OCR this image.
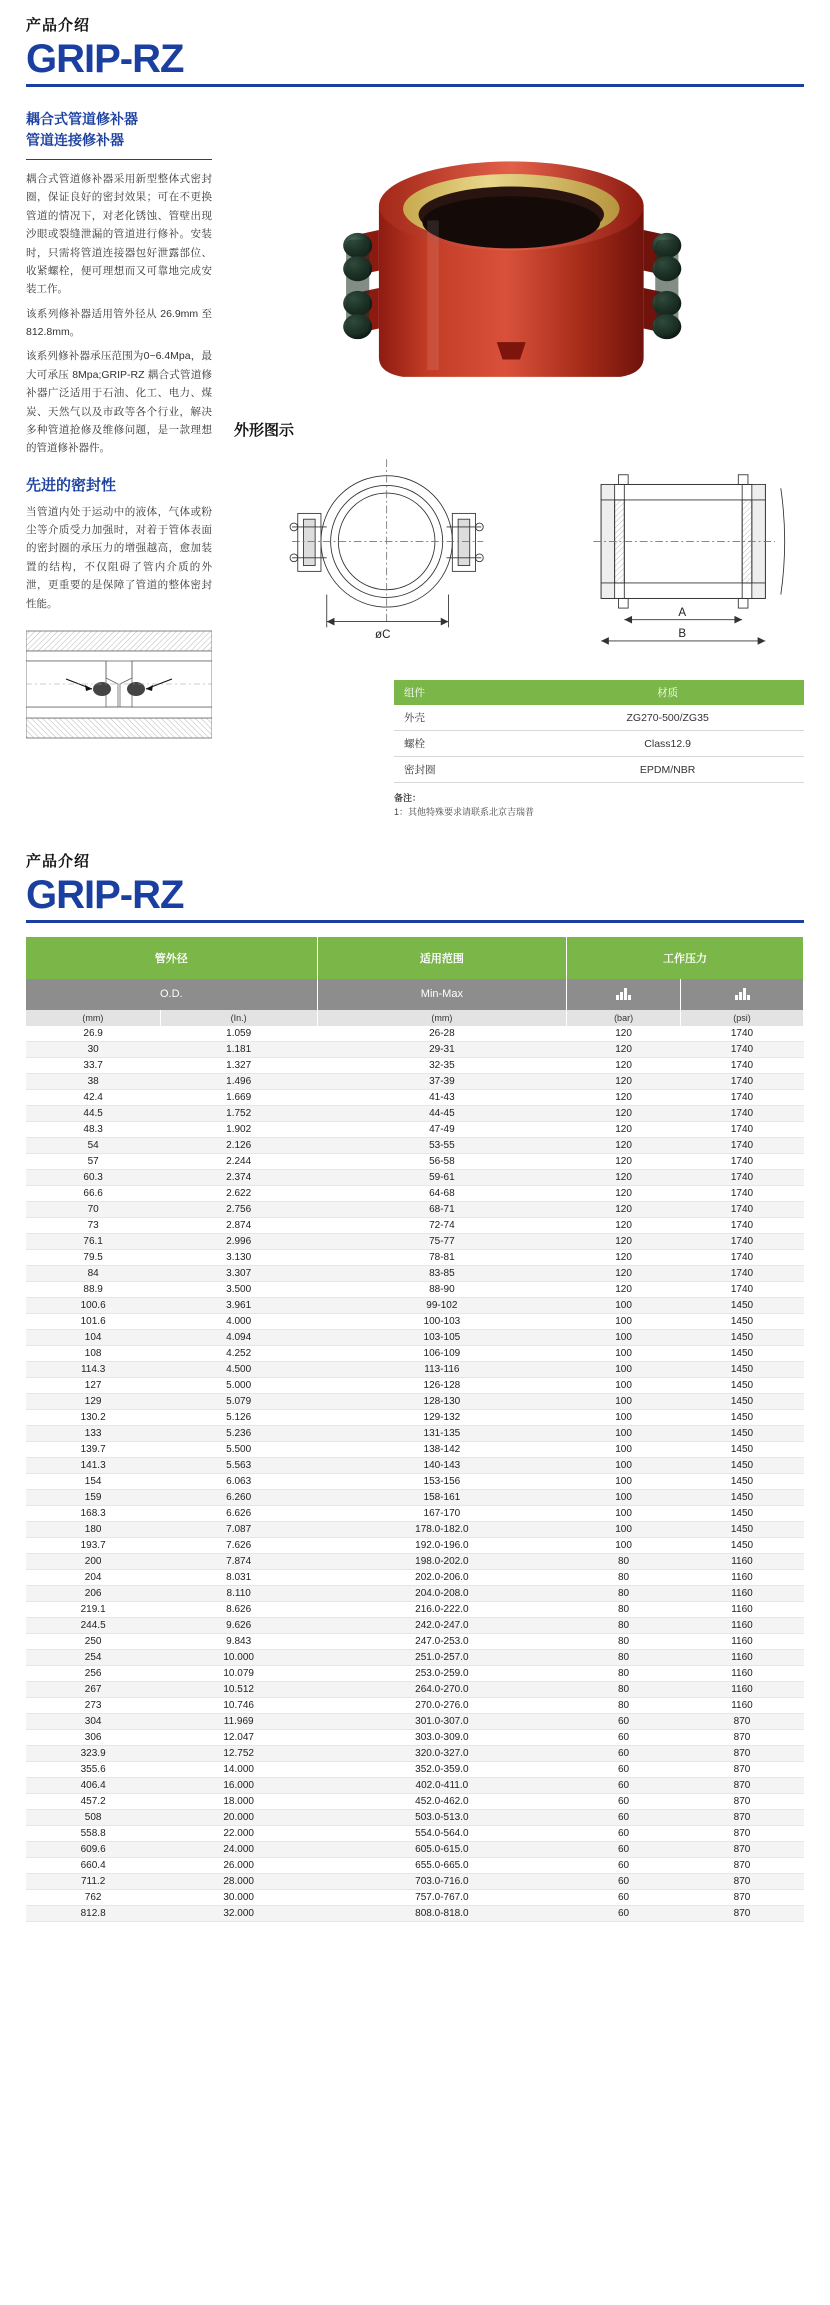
产品介绍
GRIP-RZ
耦合式管道修补器
管道连接修补器
耦合式管道修补器采用新型整体式密封圈，保证良好的密封效果；可在不更换管道的情况下，对老化锈蚀、管壁出现沙眼或裂缝泄漏的管道进行修补。安装时，只需将管道连接器包好泄露部位、收紧螺栓，便可理想而又可靠地完成安装工作。
该系列修补器适用管外径从 26.9mm 至 812.8mm。
该系列修补器承压范围为0~6.4Mpa，最大可承压 8Mpa;GRIP-RZ 耦合式管道修补器广泛适用于石油、化工、电力、煤炭、天然气以及市政等各个行业，解决多种管道抢修及维修问题，是一款理想的管道修补器件。
先进的密封性
当管道内处于运动中的液体，气体或粉尘等介质受力加强时，对着于管体表面的密封圈的承压力的增强越高，愈加装置的结构，不仅阻碍了管内介质的外泄，更重要的是保障了管道的整体密封性能。
外形图示
øC
A
B
组件	材质
外壳	ZG270-500/ZG35
螺栓	Class12.9
密封圈	EPDM/NBR
备注：
1：其他特殊要求请联系北京吉瑞普
产品介绍
GRIP-RZ
管外径		适用范围	工作压力	
O.D.		Min-Max	

(mm)	(In.)	(mm)	(bar)	(psi)
26.9	1.059	26-28	120	1740
30	1.181	29-31	120	1740
33.7	1.327	32-35	120	1740
38	1.496	37-39	120	1740
42.4	1.669	41-43	120	1740
44.5	1.752	44-45	120	1740
48.3	1.902	47-49	120	1740
54	2.126	53-55	120	1740
57	2.244	56-58	120	1740
60.3	2.374	59-61	120	1740
66.6	2.622	64-68	120	1740
70	2.756	68-71	120	1740
73	2.874	72-74	120	1740
76.1	2.996	75-77	120	1740
79.5	3.130	78-81	120	1740
84	3.307	83-85	120	1740
88.9	3.500	88-90	120	1740
100.6	3.961	99-102	100	1450
101.6	4.000	100-103	100	1450
104	4.094	103-105	100	1450
108	4.252	106-109	100	1450
114.3	4.500	113-116	100	1450
127	5.000	126-128	100	1450
129	5.079	128-130	100	1450
130.2	5.126	129-132	100	1450
133	5.236	131-135	100	1450
139.7	5.500	138-142	100	1450
141.3	5.563	140-143	100	1450
154	6.063	153-156	100	1450
159	6.260	158-161	100	1450
168.3	6.626	167-170	100	1450
180	7.087	178.0-182.0	100	1450
193.7	7.626	192.0-196.0	100	1450
200	7.874	198.0-202.0	80	1160
204	8.031	202.0-206.0	80	1160
206	8.110	204.0-208.0	80	1160
219.1	8.626	216.0-222.0	80	1160
244.5	9.626	242.0-247.0	80	1160
250	9.843	247.0-253.0	80	1160
254	10.000	251.0-257.0	80	1160
256	10.079	253.0-259.0	80	1160
267	10.512	264.0-270.0	80	1160
273	10.746	270.0-276.0	80	1160
304	11.969	301.0-307.0	60	870
306	12.047	303.0-309.0	60	870
323.9	12.752	320.0-327.0	60	870
355.6	14.000	352.0-359.0	60	870
406.4	16.000	402.0-411.0	60	870
457.2	18.000	452.0-462.0	60	870
508	20.000	503.0-513.0	60	870
558.8	22.000	554.0-564.0	60	870
609.6	24.000	605.0-615.0	60	870
660.4	26.000	655.0-665.0	60	870
711.2	28.000	703.0-716.0	60	870
762	30.000	757.0-767.0	60	870
812.8	32.000	808.0-818.0	60	870
